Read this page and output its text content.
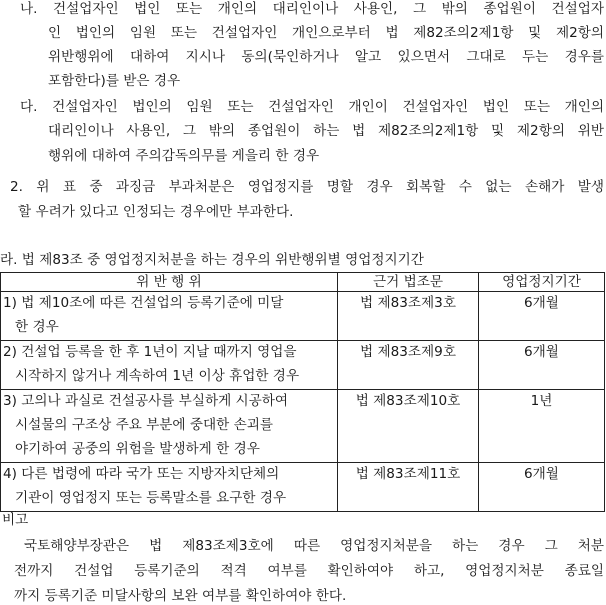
나. 건설업자인 법인 또는 개인의 대리인이나 사용인, 그 밖의 종업원이 건설업자
인 법인의 임원 또는 건설업자인 개인으로부터 법 제82조의2제1항 및 제2항의
위반행위에 대하여 지시나 동의(묵인하거나 알고 있으면서 그대로 두는 경우를
포함한다)를 받은 경우
다. 건설업자인 법인의 임원 또는 건설업자인 개인이 건설업자인 법인 또는 개인의
대리인이나 사용인, 그 밖의 종업원이 하는 법 제82조의2제1항 및 제2항의 위반
행위에 대하여 주의감독의무를 게을리 한 경우
2. 위 표 중 과징금 부과처분은 영업정지를 명할 경우 회복할 수 없는 손해가 발생
할 우려가 있다고 인정되는 경우에만 부과한다.
라. 법 제83조 중 영업정지처분을 하는 경우의 위반행위별 영업정지기간
위 반 행 위	근거 법조문	영업정지기간

1) 법 제10조에 따른 건설업의 등록기준에 미달
한 경우	법 제83조제3호	6개월

2) 건설업 등록을 한 후 1년이 지날 때까지 영업을
시작하지 않거나 계속하여 1년 이상 휴업한 경우	법 제83조제9호	6개월

3) 고의나 과실로 건설공사를 부실하게 시공하여
시설물의 구조상 주요 부분에 중대한 손괴를
야기하여 공중의 위험을 발생하게 한 경우	법 제83조제10호	1년

4) 다른 법령에 따라 국가 또는 지방자치단체의
기관이 영업정지 또는 등록말소를 요구한 경우	법 제83조제11호	6개월
비고
국토해양부장관은 법 제83조제3호에 따른 영업정지처분을 하는 경우 그 처분
전까지 건설업 등록기준의 적격 여부를 확인하여야 하고, 영업정지처분 종료일
까지 등록기준 미달사항의 보완 여부를 확인하여야 한다.
